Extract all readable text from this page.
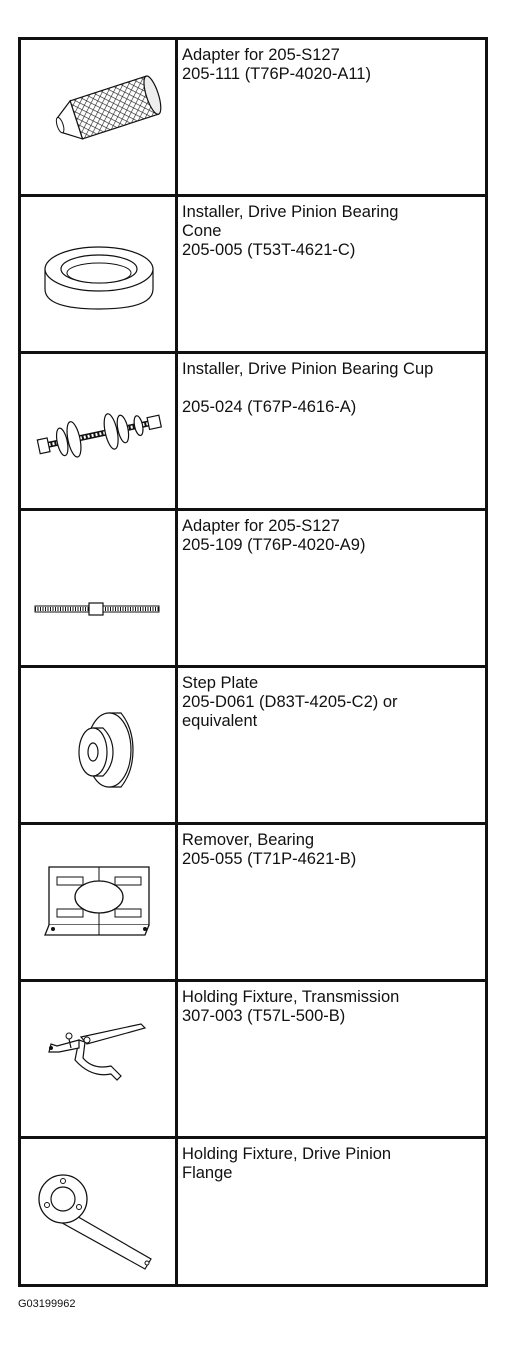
Adapter for 205-S127
205-111 (T76P-4020-A11)
Installer, Drive Pinion Bearing
Cone
205-005 (T53T-4621-C)
Installer, Drive Pinion Bearing Cup

205-024 (T67P-4616-A)
Adapter for 205-S127
205-109 (T76P-4020-A9)
Step Plate
205-D061 (D83T-4205-C2) or
equivalent
Remover, Bearing
205-055 (T71P-4621-B)
Holding Fixture, Transmission
307-003 (T57L-500-B)
Holding Fixture, Drive Pinion
Flange
G03199962
